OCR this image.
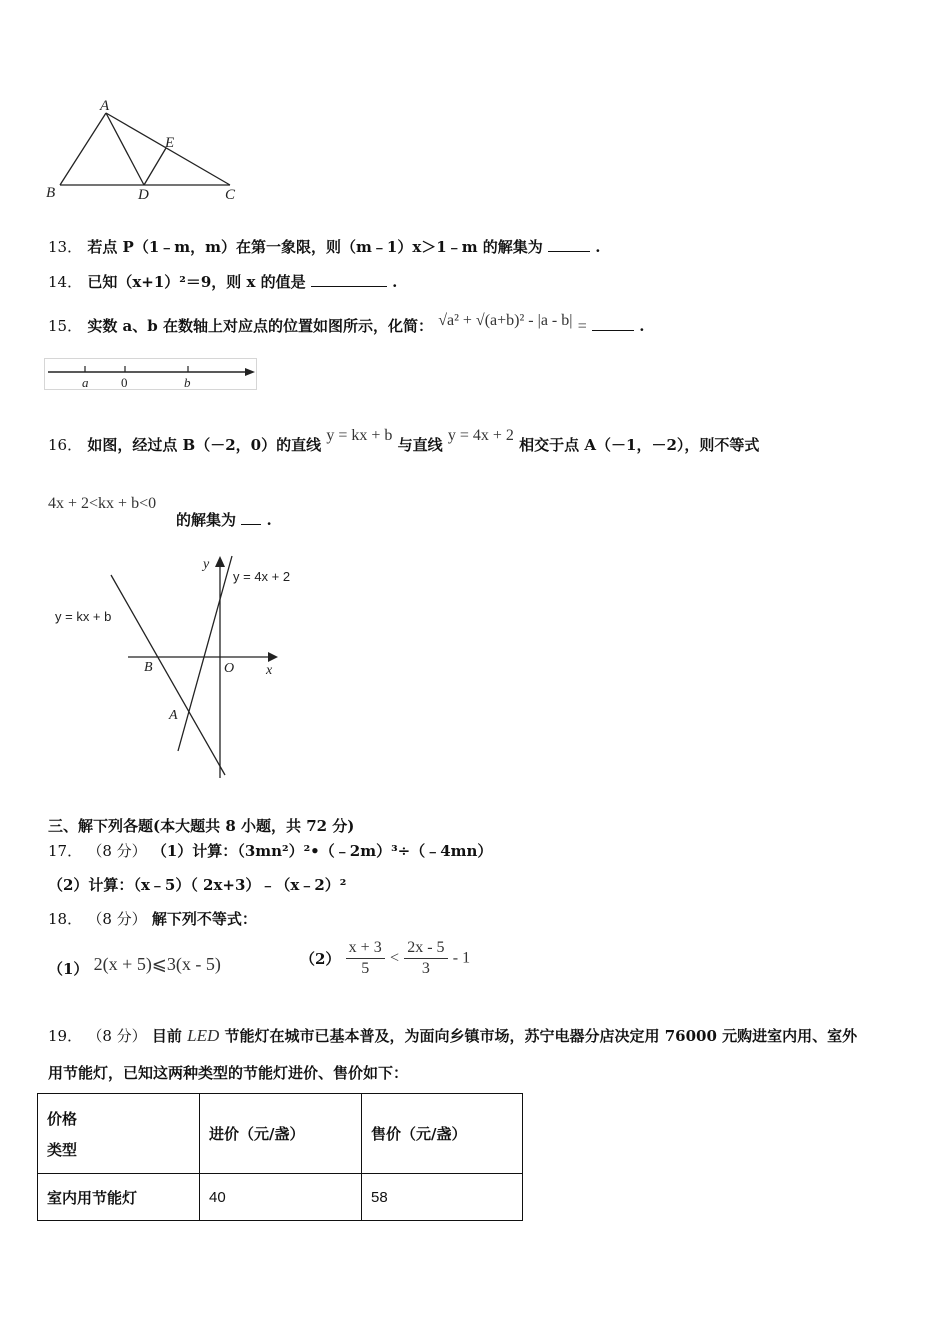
A
B	C
D
E
13． 若点 P（1﹣m，m）在第一象限，则（m﹣1）x＞1﹣m 的解集为	.
14． 已知（x+1）²＝9，则 x 的值是	.
15． 实数 a、b 在数轴上对应点的位置如图所示，化简： √a² + √(a+b)² - |a - b| =	.
a	0	b
16． 如图，经过点 B（－2，0）的直线 y = kx + b 与直线 y = 4x + 2 相交于点 A（－1，－2），则不等式
4x + 2<kx + b<0
的解集为 .
y
x
O
B
A
y = 4x + 2
y = kx + b
三、解下列各题(本大题共 8 小题，共 72 分)
17． （8 分） （1）计算：（3mn²）²•（﹣2m）³÷（﹣4mn）
（2）计算：（x﹣5）（ 2x+3）﹣（x﹣2）²
18． （8 分） 解下列不等式：
（1） 2(x + 5)⩽3(x - 5)	$(2) \frac{x + 3}{5} < \frac{2x - 5}{3} - 1$
19． （8 分） 目前 LED 节能灯在城市已基本普及，为面向乡镇市场，苏宁电器分店决定用 76000 元购进室内用、室外
用节能灯，已知这两种类型的节能灯进价、售价如下：
价格
类型	进价（元/盏）	售价（元/盏）
室内用节能灯	40	58
